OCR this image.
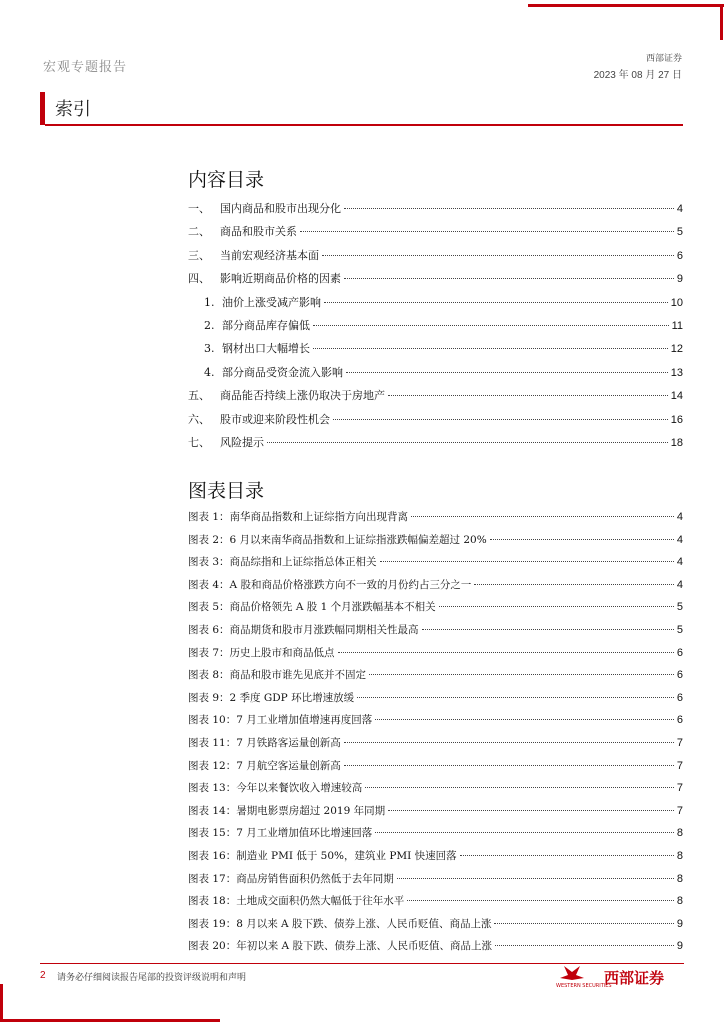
宏观专题报告
西部证券
2023 年 08 月 27 日
索引
内容目录
一、 国内商品和股市出现分化	4
二、 商品和股市关系	5
三、 当前宏观经济基本面	6
四、 影响近期商品价格的因素	9
1. 油价上涨受减产影响	10
2. 部分商品库存偏低	11
3. 钢材出口大幅增长	12
4. 部分商品受资金流入影响	13
五、 商品能否持续上涨仍取决于房地产	14
六、 股市或迎来阶段性机会	16
七、 风险提示	18
图表目录
图表 1：南华商品指数和上证综指方向出现背离	4
图表 2：6 月以来南华商品指数和上证综指涨跌幅偏差超过 20%	4
图表 3：商品综指和上证综指总体正相关	4
图表 4：A 股和商品价格涨跌方向不一致的月份约占三分之一	4
图表 5：商品价格领先 A 股 1 个月涨跌幅基本不相关	5
图表 6：商品期货和股市月涨跌幅同期相关性最高	5
图表 7：历史上股市和商品低点	6
图表 8：商品和股市谁先见底并不固定	6
图表 9：2 季度 GDP 环比增速放缓	6
图表 10：7 月工业增加值增速再度回落	6
图表 11：7 月铁路客运量创新高	7
图表 12：7 月航空客运量创新高	7
图表 13：今年以来餐饮收入增速较高	7
图表 14：暑期电影票房超过 2019 年同期	7
图表 15：7 月工业增加值环比增速回落	8
图表 16：制造业 PMI 低于 50%，建筑业 PMI 快速回落	8
图表 17：商品房销售面积仍然低于去年同期	8
图表 18：土地成交面积仍然大幅低于往年水平	8
图表 19：8 月以来 A 股下跌、债券上涨、人民币贬值、商品上涨	9
图表 20：年初以来 A 股下跌、债券上涨、人民币贬值、商品上涨	9
2 请务必仔细阅读报告尾部的投资评级说明和声明
WESTERN SECURITIES
西部证券
